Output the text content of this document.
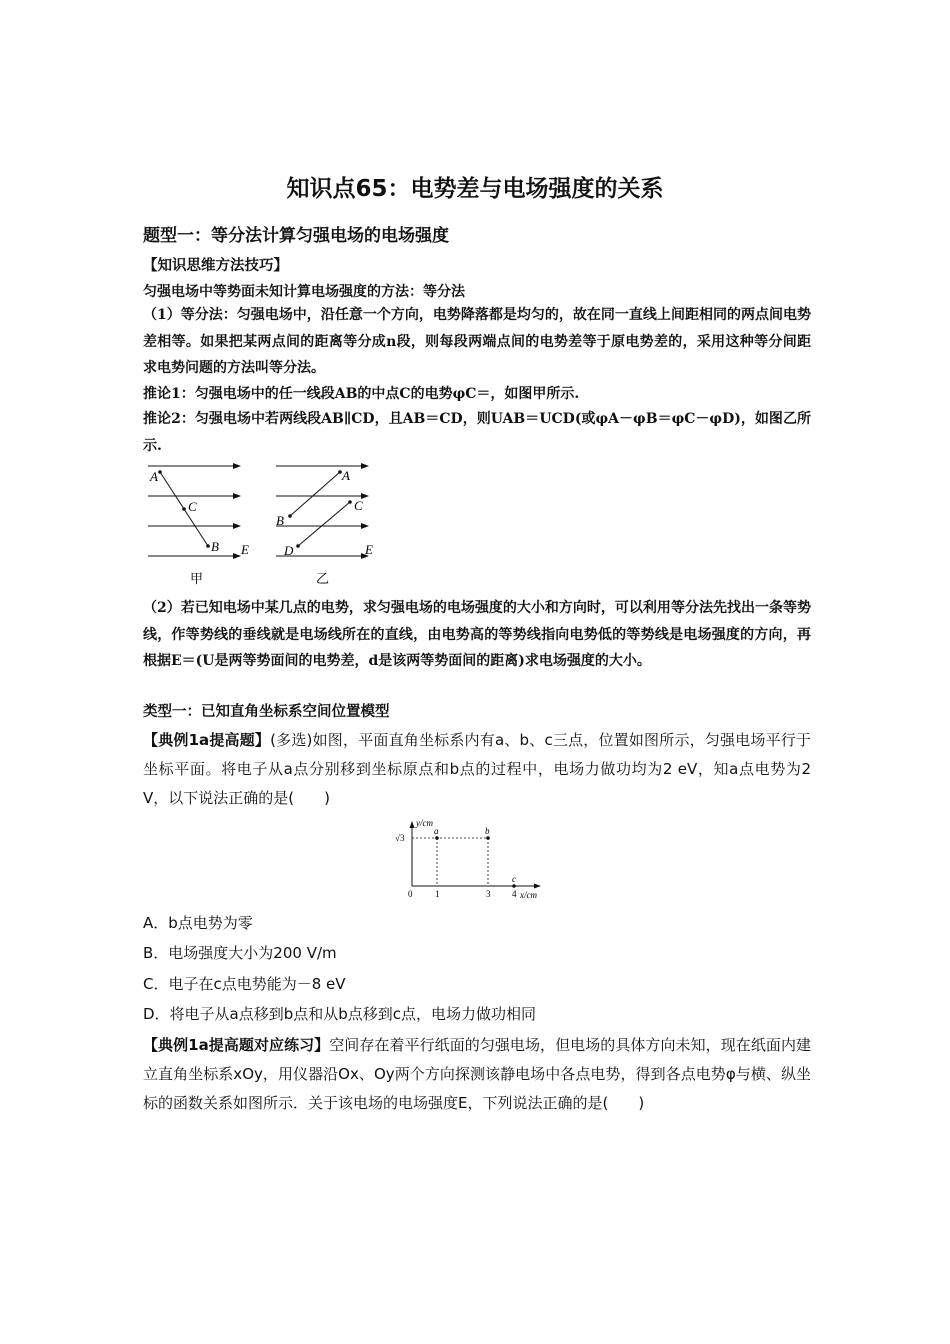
知识点65：电势差与电场强度的关系
题型一：等分法计算匀强电场的电场强度
【知识思维方法技巧】
匀强电场中等势面未知计算电场强度的方法：等分法
（1）等分法：匀强电场中，沿任意一个方向，电势降落都是均匀的，故在同一直线上间距相同的两点间电势差相等。如果把某两点间的距离等分成n段，则每段两端点间的电势差等于原电势差的，采用这种等分间距求电势问题的方法叫等分法。
推论1：匀强电场中的任一线段AB的中点C的电势φC＝，如图甲所示.
推论2：匀强电场中若两线段AB∥CD，且AB＝CD，则UAB＝UCD(或φA－φB＝φC－φD)，如图乙所示.
A
C
B E
甲
A
B
C
D	E
乙
（2）若已知电场中某几点的电势，求匀强电场的电场强度的大小和方向时，可以利用等分法先找出一条等势线，作等势线的垂线就是电场线所在的直线，由电势高的等势线指向电势低的等势线是电场强度的方向，再根据E＝(U是两等势面间的电势差，d是该两等势面间的距离)求电场强度的大小。
类型一：已知直角坐标系空间位置模型
【典例1a提高题】(多选)如图，平面直角坐标系内有a、b、c三点，位置如图所示，匀强电场平行于坐标平面。将电子从a点分别移到坐标原点和b点的过程中，电场力做功均为2 eV，知a点电势为2 V，以下说法正确的是(　　)
y/cm
x/cm
√3
a	b
c
0	1	3 4
A．b点电势为零
B．电场强度大小为200 V/m
C．电子在c点电势能为－8 eV
D．将电子从a点移到b点和从b点移到c点，电场力做功相同
【典例1a提高题对应练习】空间存在着平行纸面的匀强电场，但电场的具体方向未知，现在纸面内建立直角坐标系xOy，用仪器沿Ox、Oy两个方向探测该静电场中各点电势，得到各点电势φ与横、纵坐标的函数关系如图所示．关于该电场的电场强度E，下列说法正确的是(　　)
